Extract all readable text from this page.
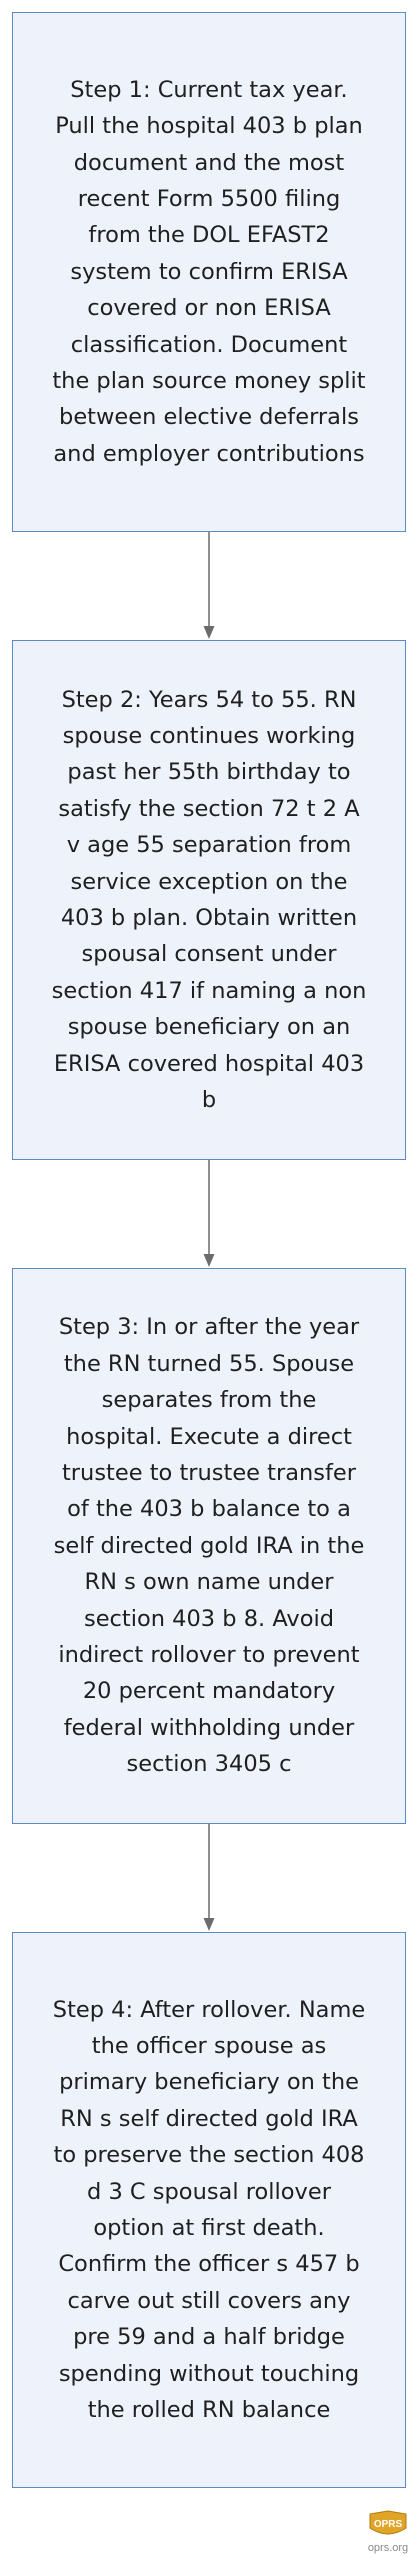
Step 1: Current tax year. Pull the hospital 403 b plan document and the most recent Form 5500 filing from the DOL EFAST2 system to confirm ERISA covered or non ERISA classification. Document the plan source money split between elective deferrals and employer contributions

Step 2: Years 54 to 55. RN spouse continues working past her 55th birthday to satisfy the section 72 t 2 A v age 55 separation from service exception on the 403 b plan. Obtain written spousal consent under section 417 if naming a non spouse beneficiary on an ERISA covered hospital 403 b

Step 3: In or after the year the RN turned 55. Spouse separates from the hospital. Execute a direct trustee to trustee transfer of the 403 b balance to a self directed gold IRA in the RN s own name under section 403 b 8. Avoid indirect rollover to prevent 20 percent mandatory federal withholding under section 3405 c

Step 4: After rollover. Name the officer spouse as primary beneficiary on the RN s self directed gold IRA to preserve the section 408 d 3 C spousal rollover option at first death. Confirm the officer s 457 b carve out still covers any pre 59 and a half bridge spending without touching the rolled RN balance

OPRS
oprs.org
